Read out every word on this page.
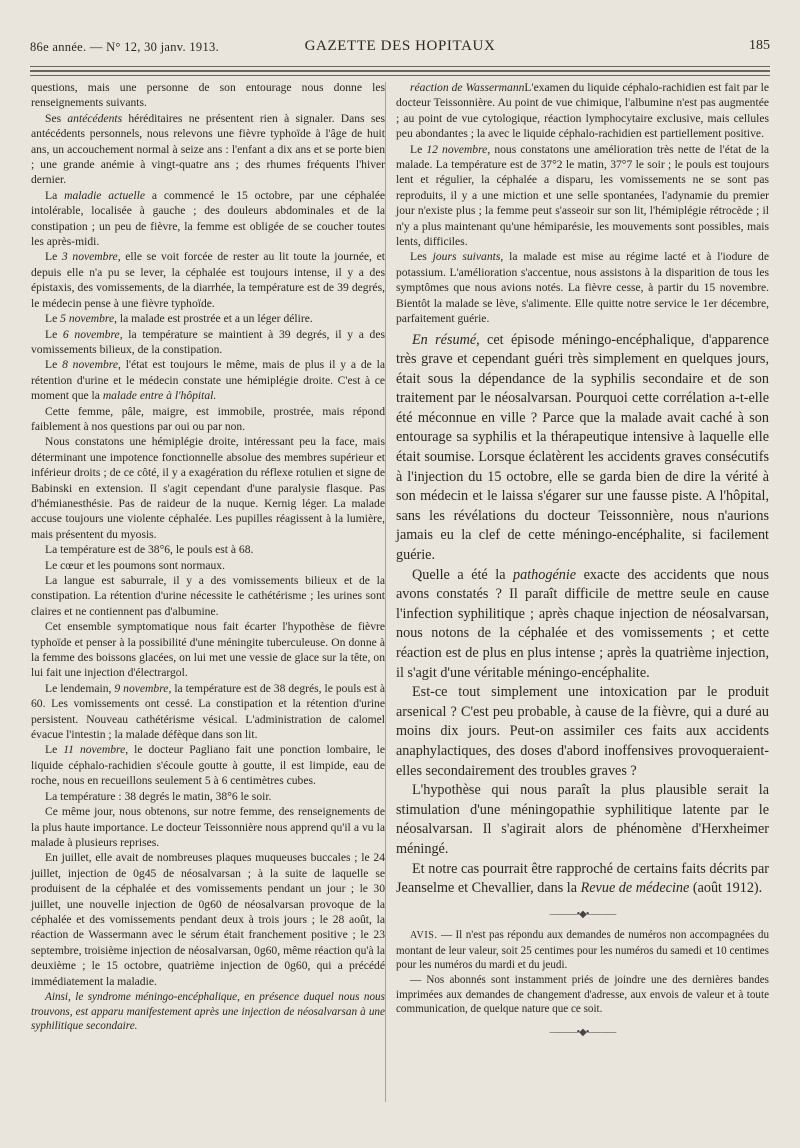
86e année. — N° 12, 30 janv. 1913.	GAZETTE DES HOPITAUX	185

questions, mais une personne de son entourage nous donne les renseignements suivants.

Ses antécédents héréditaires ne présentent rien à signaler. Dans ses antécédents personnels, nous relevons une fièvre typhoïde à l'âge de huit ans, un accouchement normal à seize ans : l'enfant a dix ans et se porte bien ; une grande anémie à vingt-quatre ans ; des rhumes fréquents l'hiver dernier.

La maladie actuelle a commencé le 15 octobre, par une céphalée intolérable, localisée à gauche ; des douleurs abdominales et de la constipation ; un peu de fièvre, la femme est obligée de se coucher toutes les après-midi.

Le 3 novembre, elle se voit forcée de rester au lit toute la journée, et depuis elle n'a pu se lever, la céphalée est toujours intense, il y a des épistaxis, des vomissements, de la diarrhée, la température est de 39 degrés, le médecin pense à une fièvre typhoïde.

Le 5 novembre, la malade est prostrée et a un léger délire.

Le 6 novembre, la température se maintient à 39 degrés, il y a des vomissements bilieux, de la constipation.

Le 8 novembre, l'état est toujours le même, mais de plus il y a de la rétention d'urine et le médecin constate une hémiplégie droite. C'est à ce moment que la malade entre à l'hôpital.

Cette femme, pâle, maigre, est immobile, prostrée, mais répond faiblement à nos questions par oui ou par non.

Nous constatons une hémiplégie droite, intéressant peu la face, mais déterminant une impotence fonctionnelle absolue des membres supérieur et inférieur droits ; de ce côté, il y a exagération du réflexe rotulien et signe de Babinski en extension. Il s'agit cependant d'une paralysie flasque. Pas d'hémianesthésie. Pas de raideur de la nuque. Kernig léger. La malade accuse toujours une violente céphalée. Les pupilles réagissent à la lumière, mais présentent du myosis.

La température est de 38°6, le pouls est à 68.

Le cœur et les poumons sont normaux.

La langue est saburrale, il y a des vomissements bilieux et de la constipation. La rétention d'urine nécessite le cathétérisme ; les urines sont claires et ne contiennent pas d'albumine.

Cet ensemble symptomatique nous fait écarter l'hypothèse de fièvre typhoïde et penser à la possibilité d'une méningite tuberculeuse. On donne à la femme des boissons glacées, on lui met une vessie de glace sur la tête, on lui fait une injection d'électrargol.

Le lendemain, 9 novembre, la température est de 38 degrés, le pouls est à 60. Les vomissements ont cessé. La constipation et la rétention d'urine persistent. Nouveau cathétérisme vésical. L'administration de calomel évacue l'intestin ; la malade défèque dans son lit.

Le 11 novembre, le docteur Pagliano fait une ponction lombaire, le liquide céphalo-rachidien s'écoule goutte à goutte, il est limpide, eau de roche, nous en recueillons seulement 5 à 6 centimètres cubes.

La température : 38 degrés le matin, 38°6 le soir.

Ce même jour, nous obtenons, sur notre femme, des renseignements de la plus haute importance. Le docteur Teissonnière nous apprend qu'il a vu la malade à plusieurs reprises.

En juillet, elle avait de nombreuses plaques muqueuses buccales ; le 24 juillet, injection de 0g45 de néosalvarsan ; à la suite de laquelle se produisent de la céphalée et des vomissements pendant un jour ; le 30 juillet, une nouvelle injection de 0g60 de néosalvarsan provoque de la céphalée et des vomissements pendant deux à trois jours ; le 28 août, la réaction de Wassermann avec le sérum était franchement positive ; le 23 septembre, troisième injection de néosalvarsan, 0g60, même réaction qu'à la deuxième ; le 15 octobre, quatrième injection de 0g60, qui a précédé immédiatement la maladie.

Ainsi, le syndrome méningo-encéphalique, en présence duquel nous nous trouvons, est apparu manifestement après une injection de néosalvarsan à une syphilitique secondaire.

réaction de WassermannL'examen du liquide céphalo-rachidien est fait par le docteur Teissonnière. Au point de vue chimique, l'albumine n'est pas augmentée ; au point de vue cytologique, réaction lymphocytaire exclusive, mais cellules peu abondantes ; la avec le liquide céphalo-rachidien est partiellement positive.

Le 12 novembre, nous constatons une amélioration très nette de l'état de la malade. La température est de 37°2 le matin, 37°7 le soir ; le pouls est toujours lent et régulier, la céphalée a disparu, les vomissements ne se sont pas reproduits, il y a une miction et une selle spontanées, l'adynamie du premier jour n'existe plus ; la femme peut s'asseoir sur son lit, l'hémiplégie rétrocède ; il n'y a plus maintenant qu'une hémiparésie, les mouvements sont possibles, mais lents, difficiles.

Les jours suivants, la malade est mise au régime lacté et à l'iodure de potassium. L'amélioration s'accentue, nous assistons à la disparition de tous les symptômes que nous avions notés. La fièvre cesse, à partir du 15 novembre. Bientôt la malade se lève, s'alimente. Elle quitte notre service le 1er décembre, parfaitement guérie.

En résumé, cet épisode méningo-encéphalique, d'apparence très grave et cependant guéri très simplement en quelques jours, était sous la dépendance de la syphilis secondaire et de son traitement par le néosalvarsan. Pourquoi cette corrélation a-t-elle été méconnue en ville ? Parce que la malade avait caché à son entourage sa syphilis et la thérapeutique intensive à laquelle elle était soumise. Lorsque éclatèrent les accidents graves consécutifs à l'injection du 15 octobre, elle se garda bien de dire la vérité à son médecin et le laissa s'égarer sur une fausse piste. A l'hôpital, sans les révélations du docteur Teissonnière, nous n'aurions jamais eu la clef de cette méningo-encéphalite, si facilement guérie.

Quelle a été la pathogénie exacte des accidents que nous avons constatés ? Il paraît difficile de mettre seule en cause l'infection syphilitique ; après chaque injection de néosalvarsan, nous notons de la céphalée et des vomissements ; et cette réaction est de plus en plus intense ; après la quatrième injection, il s'agit d'une véritable méningo-encéphalite.

Est-ce tout simplement une intoxication par le produit arsenical ? C'est peu probable, à cause de la fièvre, qui a duré au moins dix jours. Peut-on assimiler ces faits aux accidents anaphylactiques, des doses d'abord inoffensives provoqueraient-elles secondairement des troubles graves ?

L'hypothèse qui nous paraît la plus plausible serait la stimulation d'une méningopathie syphilitique latente par le néosalvarsan. Il s'agirait alors de phénomène d'Herxheimer méningé.

Et notre cas pourrait être rapproché de certains faits décrits par Jeanselme et Chevallier, dans la Revue de médecine (août 1912).

———•◆•———

AVIS. — Il n'est pas répondu aux demandes de numéros non accompagnées du montant de leur valeur, soit 25 centimes pour les numéros du samedi et 10 centimes pour les numéros du mardi et du jeudi.

— Nos abonnés sont instamment priés de joindre une des dernières bandes imprimées aux demandes de changement d'adresse, aux envois de valeur et à toute communication, de quelque nature que ce soit.

———•◆•———
